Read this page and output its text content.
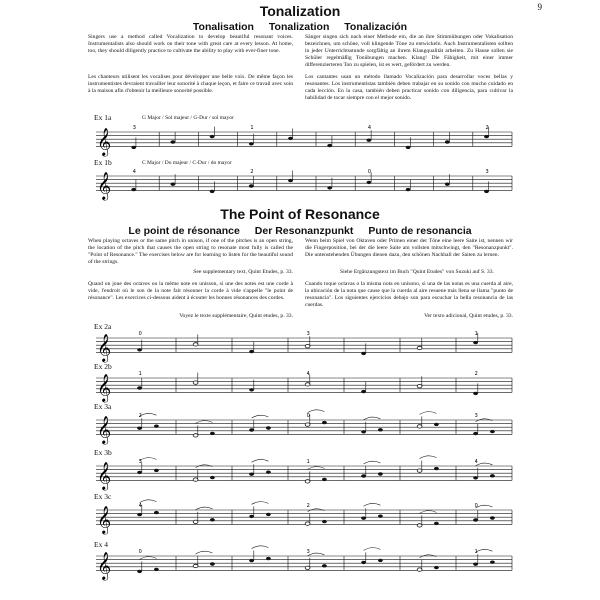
9
Tonalization
Tonalisation Tonalization Tonalización
Singers use a method called Vocalization to develop beautiful resonant voices. Instrumentalists also should work on their tone with great care at every lesson. At home, too, they should diligently practice to cultivate the ability to play with ever-finer tone.
Sänger singen sich nach einer Methode ein, die an ihre Stimmübungen oder Vokalisation bezeichnen, um schöne, voll klingende Töne zu entwickeln. Auch Instrumentalisten sollten in jeder Unterrichtsstunde sorgfältig an ihrem Klangqualität arbeiten. Zu Hause sollen sie Schüler regelmäßig Tonübungen machen. Klang! Die Fähigkeit, mit einer immer differenzierteren Ton zu spielen, ist es wert, gefördert zu werden.
Les chanteurs utilisent les vocalises pour développer une belle voix. De même façon les instrumentistes devraient travailler leur sonorité à chaque leçon, et faire ce travail avec soin à la maison afin d'obtenir la meilleure sonorité possible.
Los cantantes usan un método llamado Vocalización para desarrollar voces bellas y resonantes. Los instrumentistas también deben trabajar en su sonido con mucho cuidado en cada lección. En la casa, también deben practicar sonido con diligencia, para cultivar la habilidad de tocar siempre con el mejor sonido.
The Point of Resonance
Le point de résonance Der Resonanzpunkt Punto de resonancia
When playing octaves or the same pitch in unison, if one of the pitches is an open string, the location of the pitch that causes the open string to resonate most fully is called the "Point of Resonance." The exercises below are for learning to listen for the beautiful sound of the strings.
See supplementary text, Quint Etudes, p. 33.
Wenn beim Spiel von Oktaven oder Primen einer der Töne eine leere Saite ist, nennen wir die Fingerposition, bei der die leere Saite am vollsten mitschwingt, den "Resonanzpunkt". Die untenstehenden Übungen dienen dazu, den schönen Nachhall der Saiten zu lernen.
Siehe Ergänzungstext im Buch "Quint Etudes" von Suzuki auf S. 33.
Quand on joue des octaves ou la même note en unisson, si une des notes est une corde à vide, l'endroit où le son de la note fait résonner la corde à vide s'appelle "le point de résonance". Les exercices ci-dessous aident à écouter les bonnes résonances des cordes.
Voyez le texte supplémentaire, Quint etudes, p. 33.
Cuando toque octavas o la misma nota en unísono, si una de las notas es una cuerda al aire, la ubicación de la nota que cause que la cuerda al aire resuene más llena se llama "punto de resonancia". Los siguientes ejercicios debajo son para escuchar la bella resonancia de las cuerdas.
Ver texto adicional, Quint etudes, p. 33.
Ex 1a	G Major / Sol majeur / G-Dur / sol mayor
Ex 1b	C Major / Do majeur / C-Dur / do mayor
Ex 2a
Ex 2b
Ex 3a
Ex 3b
Ex 3c
Ex 4
𝄞	3	1	4	2
𝄞	4	2	0	3
𝄞	0	3	1
𝄞	1	4	2
𝄞	2	0	3
𝄞	3	1	4
𝄞	4	2	0
𝄞	0	3	1
